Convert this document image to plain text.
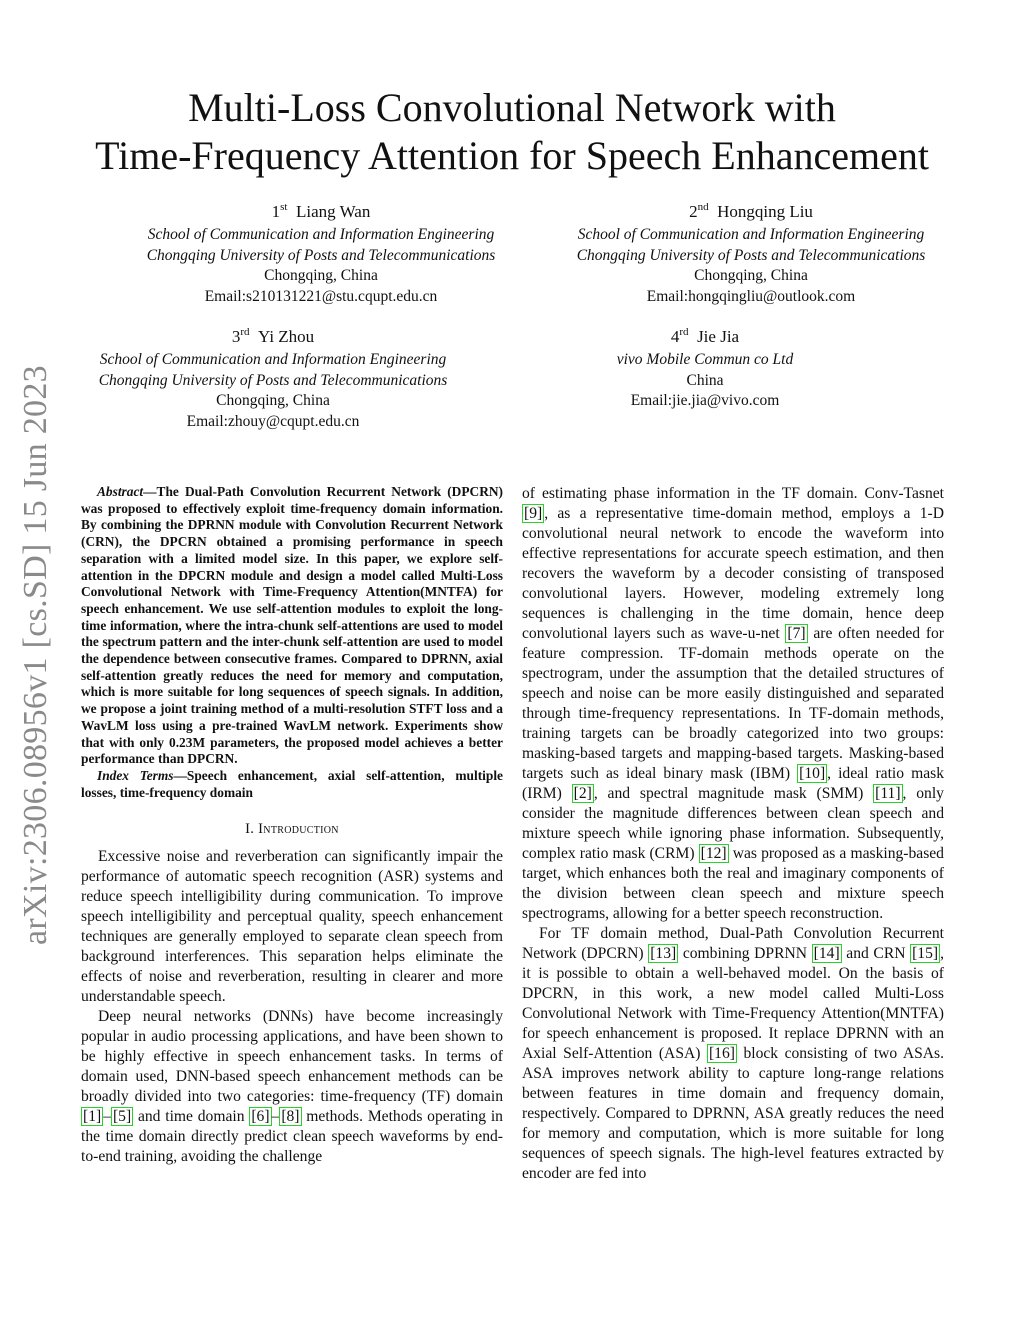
arXiv:2306.08956v1 [cs.SD] 15 Jun 2023
Multi-Loss Convolutional Network with
Time-Frequency Attention for Speech Enhancement
1st Liang Wan
School of Communication and Information Engineering
Chongqing University of Posts and Telecommunications
Chongqing, China
Email:s210131221@stu.cqupt.edu.cn
2nd Hongqing Liu
School of Communication and Information Engineering
Chongqing University of Posts and Telecommunications
Chongqing, China
Email:hongqingliu@outlook.com
3rd Yi Zhou
School of Communication and Information Engineering
Chongqing University of Posts and Telecommunications
Chongqing, China
Email:zhouy@cqupt.edu.cn
4rd Jie Jia
vivo Mobile Commun co Ltd
China
Email:jie.jia@vivo.com

Abstract—The Dual-Path Convolution Recurrent Network (DPCRN) was proposed to effectively exploit time-frequency domain information. By combining the DPRNN module with Convolution Recurrent Network (CRN), the DPCRN obtained a promising performance in speech separation with a limited model size. In this paper, we explore self-attention in the DPCRN module and design a model called Multi-Loss Convolutional Network with Time-Frequency Attention(MNTFA) for speech enhancement. We use self-attention modules to exploit the long-time information, where the intra-chunk self-attentions are used to model the spectrum pattern and the inter-chunk self-attention are used to model the dependence between consecutive frames. Compared to DPRNN, axial self-attention greatly reduces the need for memory and computation, which is more suitable for long sequences of speech signals. In addition, we propose a joint training method of a multi-resolution STFT loss and a WavLM loss using a pre-trained WavLM network. Experiments show that with only 0.23M parameters, the proposed model achieves a better performance than DPCRN.

Index Terms—Speech enhancement, axial self-attention, multiple losses, time-frequency domain

I. Introduction

Excessive noise and reverberation can significantly impair the performance of automatic speech recognition (ASR) systems and reduce speech intelligibility during communication. To improve speech intelligibility and perceptual quality, speech enhancement techniques are generally employed to separate clean speech from background interferences. This separation helps eliminate the effects of noise and reverberation, resulting in clearer and more understandable speech.

Deep neural networks (DNNs) have become increasingly popular in audio processing applications, and have been shown to be highly effective in speech enhancement tasks. In terms of domain used, DNN-based speech enhancement methods can be broadly divided into two categories: time-frequency (TF) domain [1] – [5] and time domain [6] – [8] methods. Methods operating in the time domain directly predict clean speech waveforms by end-to-end training, avoiding the challenge

of estimating phase information in the TF domain. Conv-Tasnet [9] , as a representative time-domain method, employs a 1-D convolutional neural network to encode the waveform into effective representations for accurate speech estimation, and then recovers the waveform by a decoder consisting of transposed convolutional layers. However, modeling extremely long sequences is challenging in the time domain, hence deep convolutional layers such as wave-u-net [7] are often needed for feature compression. TF-domain methods operate on the spectrogram, under the assumption that the detailed structures of speech and noise can be more easily distinguished and separated through time-frequency representations. In TF-domain methods, training targets can be broadly categorized into two groups: masking-based targets and mapping-based targets. Masking-based targets such as ideal binary mask (IBM) [10] , ideal ratio mask (IRM) [2] , and spectral magnitude mask (SMM) [11] , only consider the magnitude differences between clean speech and mixture speech while ignoring phase information. Subsequently, complex ratio mask (CRM) [12] was proposed as a masking-based target, which enhances both the real and imaginary components of the division between clean speech and mixture speech spectrograms, allowing for a better speech reconstruction.

For TF domain method, Dual-Path Convolution Recurrent Network (DPCRN) [13] combining DPRNN [14] and CRN [15] , it is possible to obtain a well-behaved model. On the basis of DPCRN, in this work, a new model called Multi-Loss Convolutional Network with Time-Frequency Attention(MNTFA) for speech enhancement is proposed. It replace DPRNN with an Axial Self-Attention (ASA) [16] block consisting of two ASAs. ASA improves network ability to capture long-range relations between features in time domain and frequency domain, respectively. Compared to DPRNN, ASA greatly reduces the need for memory and computation, which is more suitable for long sequences of speech signals. The high-level features extracted by encoder are fed into
